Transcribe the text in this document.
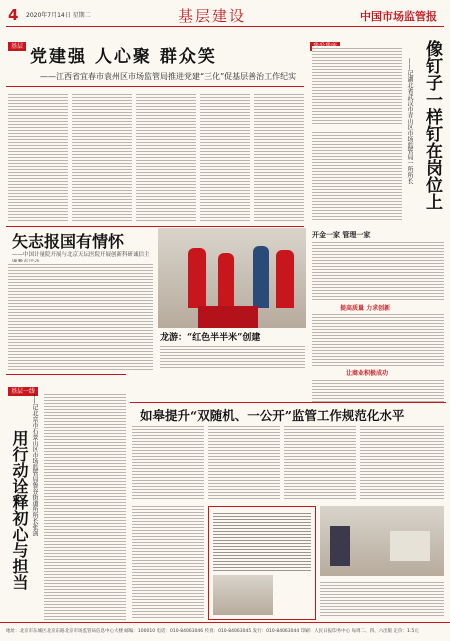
4 2020年7月14日 星期二	基层建设	中国市场监管报
基层
党建强 人心聚 群众笑
——江西省宜春市袁州区市场监管局推进党建“三化”促基层善治工作纪实	像钉子一样钉在岗位上
——记湖北省武汉市青山区市场监管局一所所长
矢志报国有情怀
——中国计量院开展与北京天坛医院开展创新科研诚信主
龙游：“红色半半米”创建
开金一家 管理一家
提高质量 力求创新
让商业积极成功
基层一线
用行动诠释初心与担当 ——记北京市石景山区市场监管局鲁谷街道所所长张剑	如皋提升“双随机、一公开”监管工作规范化水平
地址：北京市东城区北京东路北京市场监管局信息中心大楼 邮编：100010 电话：010-84063046 传真：010-84063045 发行：010-84063044 印刷：人民日报印务中心 每周二、四、六出版 定价：1.5元
